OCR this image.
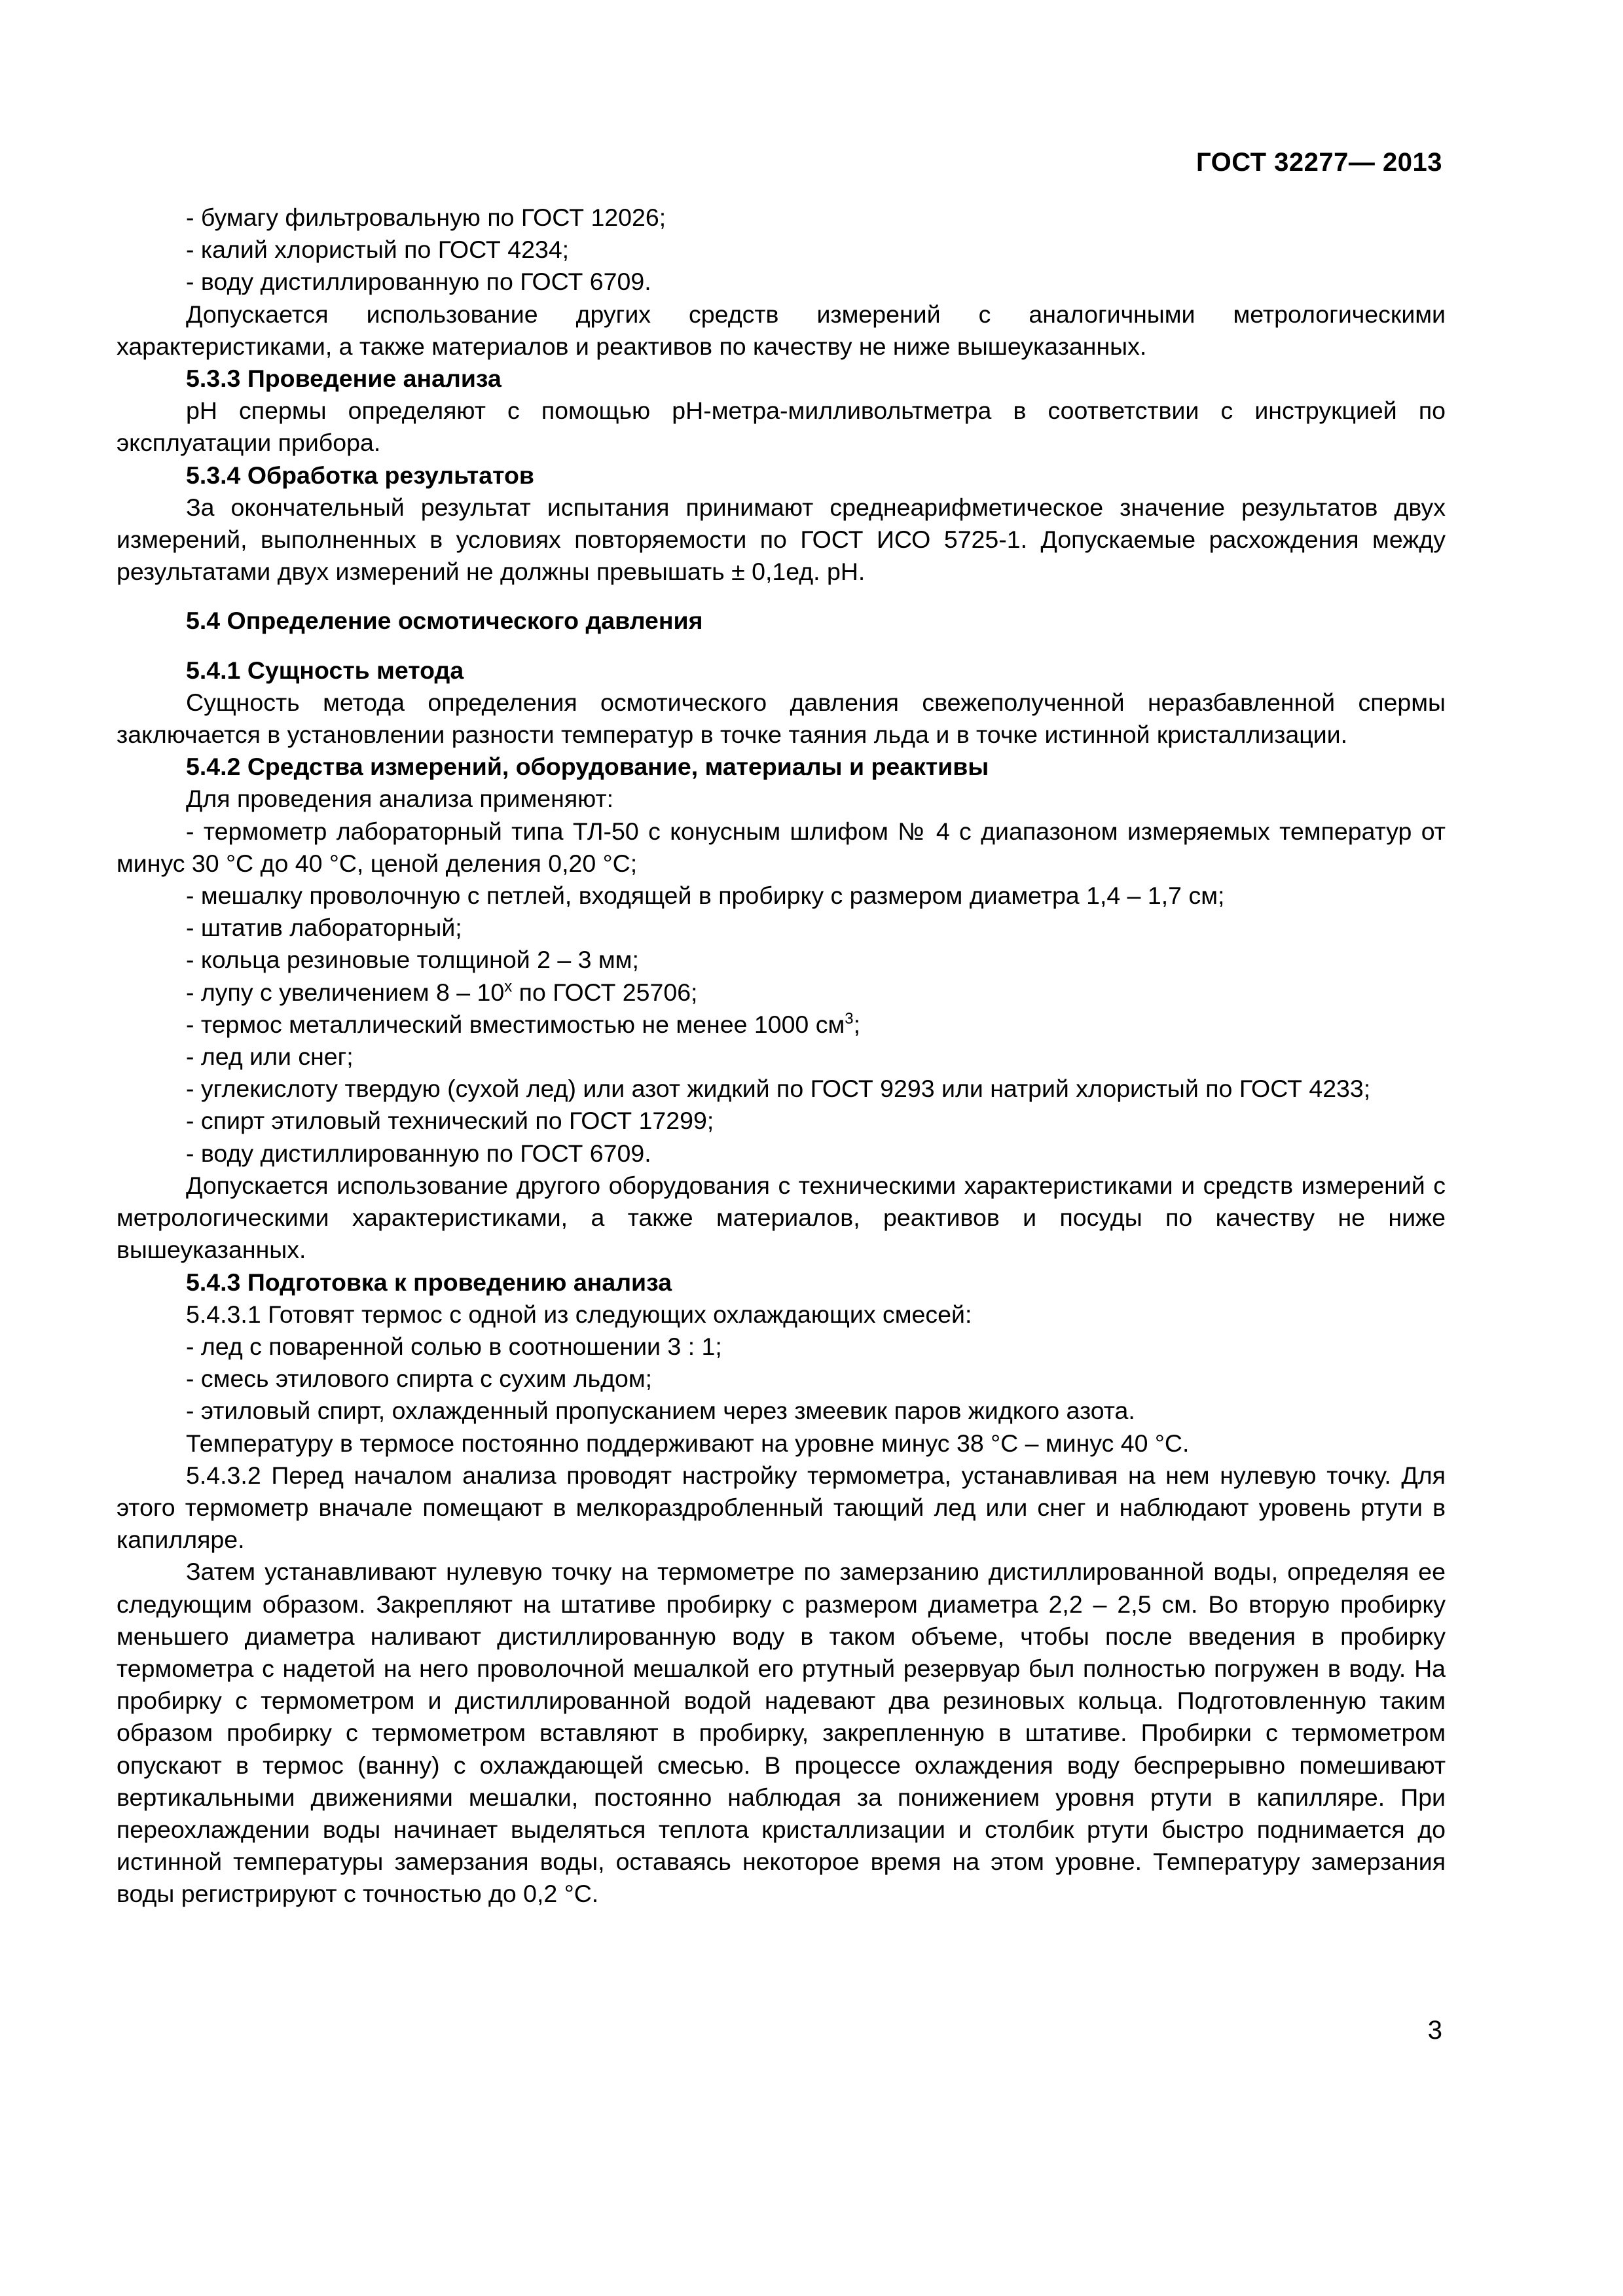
ГОСТ 32277— 2013

- бумагу фильтровальную по ГОСТ 12026;

- калий хлористый по ГОСТ 4234;

- воду дистиллированную по ГОСТ 6709.

Допускается использование других средств измерений с аналогичными метрологическими характеристиками, а также материалов и реактивов по качеству не ниже вышеуказанных.

5.3.3 Проведение анализа

pH спермы определяют с помощью pH-метра-милливольтметра в соответствии с инструкцией по эксплуатации прибора.

5.3.4 Обработка результатов

За окончательный результат испытания принимают среднеарифметическое значение результатов двух измерений, выполненных в условиях повторяемости по ГОСТ ИСО 5725-1. Допускаемые расхождения между результатами двух измерений не должны превышать ± 0,1ед. pH.

5.4 Определение осмотического давления

5.4.1 Сущность метода

Сущность метода определения осмотического давления свежеполученной неразбавленной спермы заключается в установлении разности температур в точке таяния льда и в точке истинной кристаллизации.

5.4.2 Средства измерений, оборудование, материалы и реактивы

Для проведения анализа применяют:

- термометр лабораторный типа ТЛ-50 с конусным шлифом № 4 с диапазоном измеряемых температур от минус 30 °С до 40 °С, ценой деления 0,20 °С;

- мешалку проволочную с петлей, входящей в пробирку с размером диаметра 1,4 – 1,7 см;

- штатив лабораторный;

- кольца резиновые толщиной 2 – 3 мм;

- лупу с увеличением 8 – 10$^x$ по ГОСТ 25706;

- термос металлический вместимостью не менее 1000 $см^3$;

- лед или снег;

- углекислоту твердую (сухой лед) или азот жидкий по ГОСТ 9293 или натрий хлористый по ГОСТ 4233;

- спирт этиловый технический по ГОСТ 17299;

- воду дистиллированную по ГОСТ 6709.

Допускается использование другого оборудования с техническими характеристиками и средств измерений с метрологическими характеристиками, а также материалов, реактивов и посуды по качеству не ниже вышеуказанных.

5.4.3 Подготовка к проведению анализа

5.4.3.1 Готовят термос с одной из следующих охлаждающих смесей:

- лед с поваренной солью в соотношении 3 : 1;

- смесь этилового спирта с сухим льдом;

- этиловый спирт, охлажденный пропусканием через змеевик паров жидкого азота.

Температуру в термосе постоянно поддерживают на уровне минус 38 °С – минус 40 °С.

5.4.3.2 Перед началом анализа проводят настройку термометра, устанавливая на нем нулевую точку. Для этого термометр вначале помещают в мелкораздробленный тающий лед или снег и наблюдают уровень ртути в капилляре.

Затем устанавливают нулевую точку на термометре по замерзанию дистиллированной воды, определяя ее следующим образом. Закрепляют на штативе пробирку с размером диаметра 2,2 – 2,5 см. Во вторую пробирку меньшего диаметра наливают дистиллированную воду в таком объеме, чтобы после введения в пробирку термометра с надетой на него проволочной мешалкой его ртутный резервуар был полностью погружен в воду. На пробирку с термометром и дистиллированной водой надевают два резиновых кольца. Подготовленную таким образом пробирку с термометром вставляют в пробирку, закрепленную в штативе. Пробирки с термометром опускают в термос (ванну) с охлаждающей смесью. В процессе охлаждения воду беспрерывно помешивают вертикальными движениями мешалки, постоянно наблюдая за понижением уровня ртути в капилляре. При переохлаждении воды начинает выделяться теплота кристаллизации и столбик ртути быстро поднимается до истинной температуры замерзания воды, оставаясь некоторое время на этом уровне. Температуру замерзания воды регистрируют с точностью до 0,2 °С.

3
